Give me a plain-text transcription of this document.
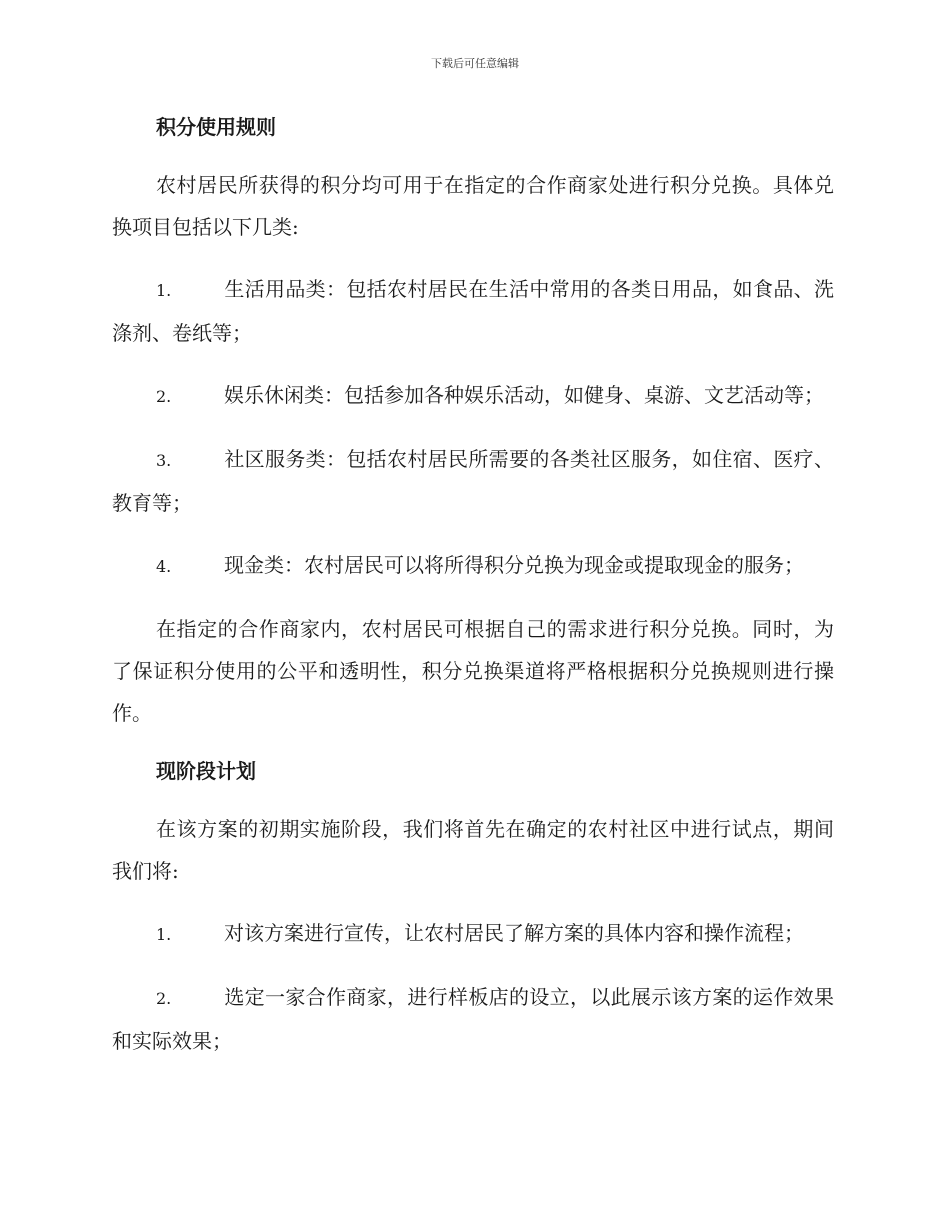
下载后可任意编辑
积分使用规则

农村居民所获得的积分均可用于在指定的合作商家处进行积分兑换。具体兑换项目包括以下几类:

1.	生活用品类：包括农村居民在生活中常用的各类日用品，如食品、洗涤剂、卷纸等；

2.	娱乐休闲类：包括参加各种娱乐活动，如健身、桌游、文艺活动等；

3.	社区服务类：包括农村居民所需要的各类社区服务，如住宿、医疗、教育等；

4.	现金类：农村居民可以将所得积分兑换为现金或提取现金的服务；

在指定的合作商家内，农村居民可根据自己的需求进行积分兑换。同时，为了保证积分使用的公平和透明性，积分兑换渠道将严格根据积分兑换规则进行操作。

现阶段计划

在该方案的初期实施阶段，我们将首先在确定的农村社区中进行试点，期间我们将:

1.	对该方案进行宣传，让农村居民了解方案的具体内容和操作流程；

2.	选定一家合作商家，进行样板店的设立，以此展示该方案的运作效果和实际效果；
